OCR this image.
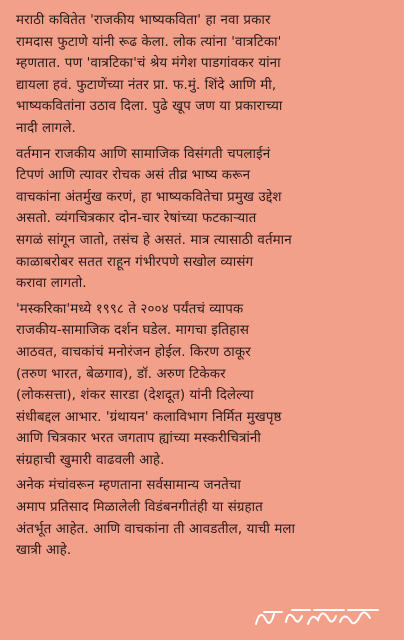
मराठी कवितेत 'राजकीय भाष्यकविता' हा नवा प्रकार
रामदास फुटाणे यांनी रूढ केला. लोक त्यांना 'वात्रटिका'
म्हणतात. पण 'वात्रटिका'चं श्रेय मंगेश पाडगांवकर यांना
द्यायला हवं. फुटाणेंच्या नंतर प्रा. फ.मुं. शिंदे आणि मी,
भाष्यकवितांना उठाव दिला. पुढे खूप जण या प्रकाराच्या
नादी लागले.

वर्तमान राजकीय आणि सामाजिक विसंगती चपलाईनं
टिपणं आणि त्यावर रोचक असं तीव्र भाष्य करून
वाचकांना अंतर्मुख करणं, हा भाष्यकवितेचा प्रमुख उद्देश
असतो. व्यंगचित्रकार दोन-चार रेषांच्या फटकाऱ्यात
सगळं सांगून जातो, तसंच हे असतं. मात्र त्यासाठी वर्तमान
काळाबरोबर सतत राहून गंभीरपणे सखोल व्यासंग
करावा लागतो.

'मस्करिका'मध्ये १९९८ ते २००४ पर्यंतचं व्यापक
राजकीय-सामाजिक दर्शन घडेल. मागचा इतिहास
आठवत, वाचकांचं मनोरंजन होईल. किरण ठाकूर
(तरुण भारत, बेळगाव), डॉ. अरुण टिकेकर
(लोकसत्ता), शंकर सारडा (देशदूत) यांनी दिलेल्या
संधीबद्दल आभार. 'ग्रंथायन' कलाविभाग निर्मित मुखपृष्ठ
आणि चित्रकार भरत जगताप ह्यांच्या मस्करीचित्रांनी
संग्रहाची खुमारी वाढवली आहे.

अनेक मंचांवरून म्हणताना सर्वसामान्य जनतेचा
अमाप प्रतिसाद मिळालेली विडंबनगीतंही या संग्रहात
अंतर्भूत आहेत. आणि वाचकांना ती आवडतील, याची मला
खात्री आहे.
